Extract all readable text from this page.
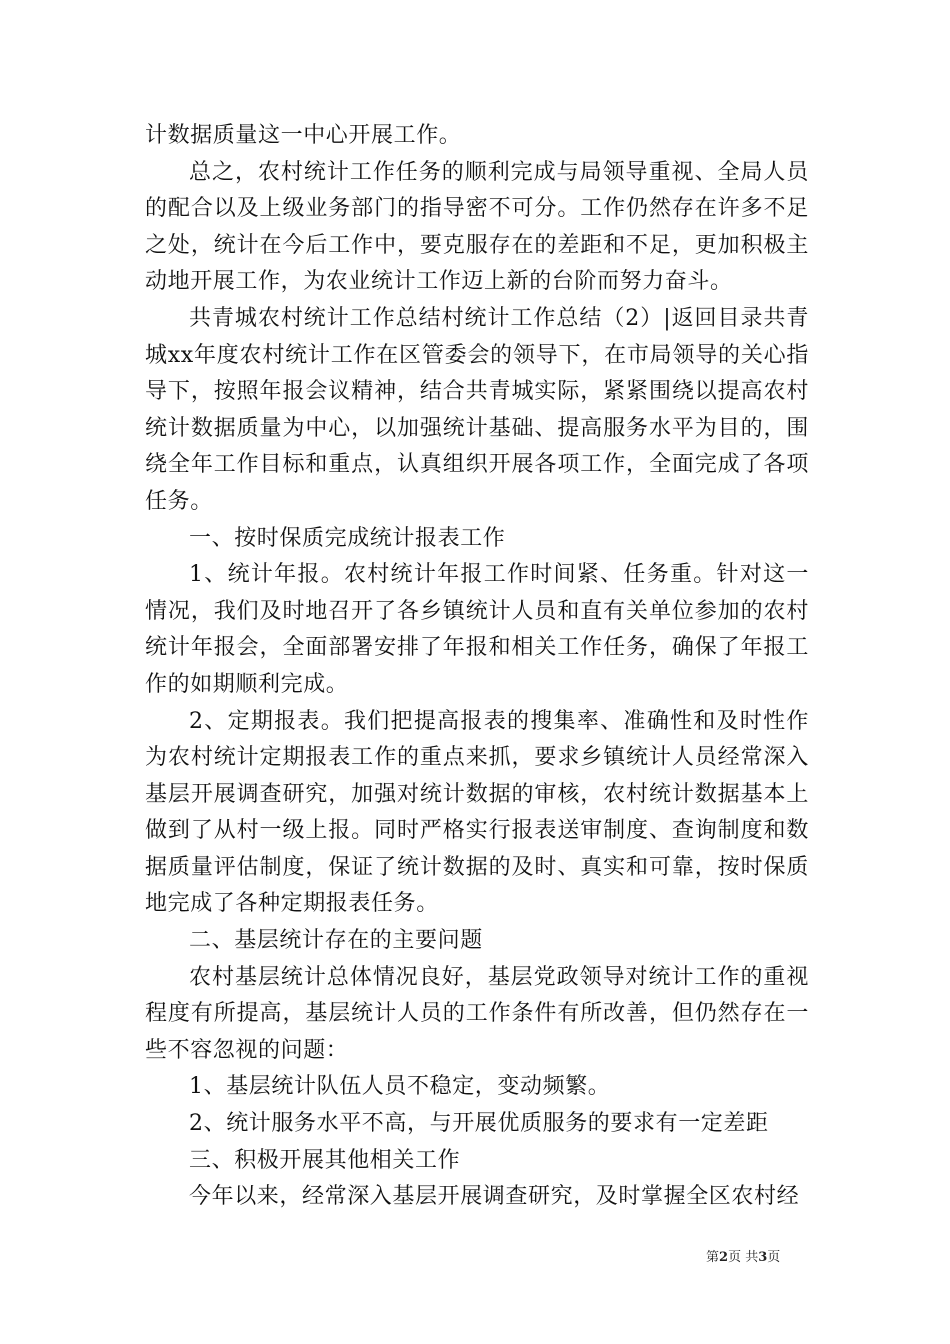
计数据质量这一中心开展工作。

总之，农村统计工作任务的顺利完成与局领导重视、全局人员的配合以及上级业务部门的指导密不可分。工作仍然存在许多不足之处，统计在今后工作中，要克服存在的差距和不足，更加积极主动地开展工作，为农业统计工作迈上新的台阶而努力奋斗。

共青城农村统计工作总结村统计工作总结（2）|返回目录共青城xx年度农村统计工作在区管委会的领导下，在市局领导的关心指导下，按照年报会议精神，结合共青城实际，紧紧围绕以提高农村统计数据质量为中心，以加强统计基础、提高服务水平为目的，围绕全年工作目标和重点，认真组织开展各项工作，全面完成了各项任务。

一、按时保质完成统计报表工作

1、统计年报。农村统计年报工作时间紧、任务重。针对这一情况，我们及时地召开了各乡镇统计人员和直有关单位参加的农村统计年报会，全面部署安排了年报和相关工作任务，确保了年报工作的如期顺利完成。

2、定期报表。我们把提高报表的搜集率、准确性和及时性作为农村统计定期报表工作的重点来抓，要求乡镇统计人员经常深入基层开展调查研究，加强对统计数据的审核，农村统计数据基本上做到了从村一级上报。同时严格实行报表送审制度、查询制度和数据质量评估制度，保证了统计数据的及时、真实和可靠，按时保质地完成了各种定期报表任务。

二、基层统计存在的主要问题

农村基层统计总体情况良好，基层党政领导对统计工作的重视程度有所提高，基层统计人员的工作条件有所改善，但仍然存在一些不容忽视的问题：

1、基层统计队伍人员不稳定，变动频繁。

2、统计服务水平不高，与开展优质服务的要求有一定差距

三、积极开展其他相关工作

今年以来，经常深入基层开展调查研究，及时掌握全区农村经

第2页 共3页
